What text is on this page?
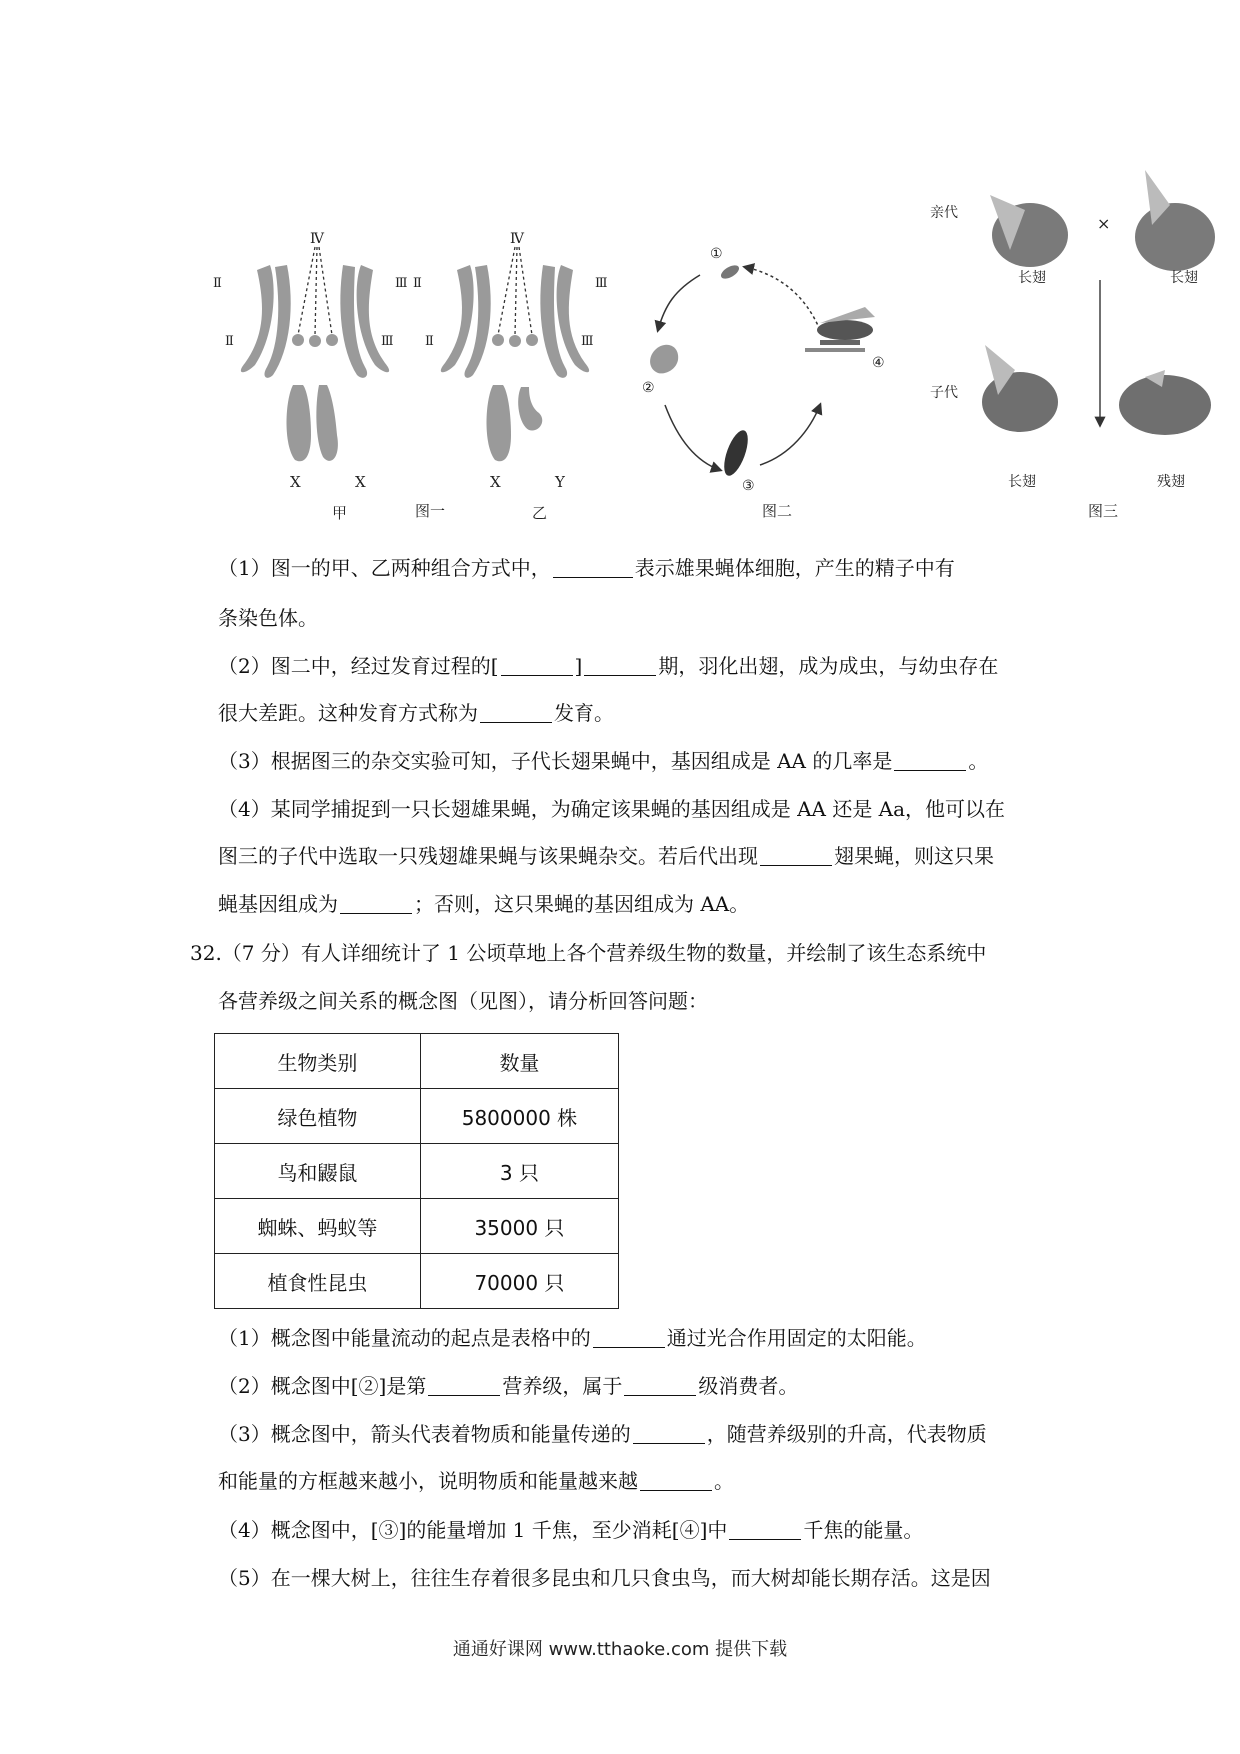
Ⅳ
Ⅱ
Ⅱ
Ⅲ
Ⅲ
X	X
甲
Ⅳ
Ⅱ
Ⅱ
Ⅲ
Ⅲ
X	Y
乙
图一
①
②
③
④
图二
亲代
×
长翅	长翅
子代
长翅	残翅
图三
（1）图一的甲、乙两种组合方式中，	表示雄果蝇体细胞，产生的精子中有
条染色体。
（2）图二中，经过发育过程的[	]	期，羽化出翅，成为成虫，与幼虫存在
很大差距。这种发育方式称为	发育。
（3）根据图三的杂交实验可知，子代长翅果蝇中，基因组成是 AA 的几率是	。
（4）某同学捕捉到一只长翅雄果蝇，为确定该果蝇的基因组成是 AA 还是 Aa，他可以在
图三的子代中选取一只残翅雄果蝇与该果蝇杂交。若后代出现	翅果蝇，则这只果
蝇基因组成为	；否则，这只果蝇的基因组成为 AA。
32.（7 分）有人详细统计了 1 公顷草地上各个营养级生物的数量，并绘制了该生态系统中
各营养级之间关系的概念图（见图），请分析回答问题：
生物类别	数量
绿色植物	5800000 株
鸟和鼹鼠	3 只
蜘蛛、蚂蚁等	35000 只
植食性昆虫	70000 只
（1）概念图中能量流动的起点是表格中的	通过光合作用固定的太阳能。
（2）概念图中[②]是第	营养级，属于	级消费者。
（3）概念图中，箭头代表着物质和能量传递的	，随营养级别的升高，代表物质
和能量的方框越来越小，说明物质和能量越来越	。
（4）概念图中，[③]的能量增加 1 千焦，至少消耗[④]中	千焦的能量。
（5）在一棵大树上，往往生存着很多昆虫和几只食虫鸟，而大树却能长期存活。这是因
通通好课网 www.tthaoke.com 提供下载
